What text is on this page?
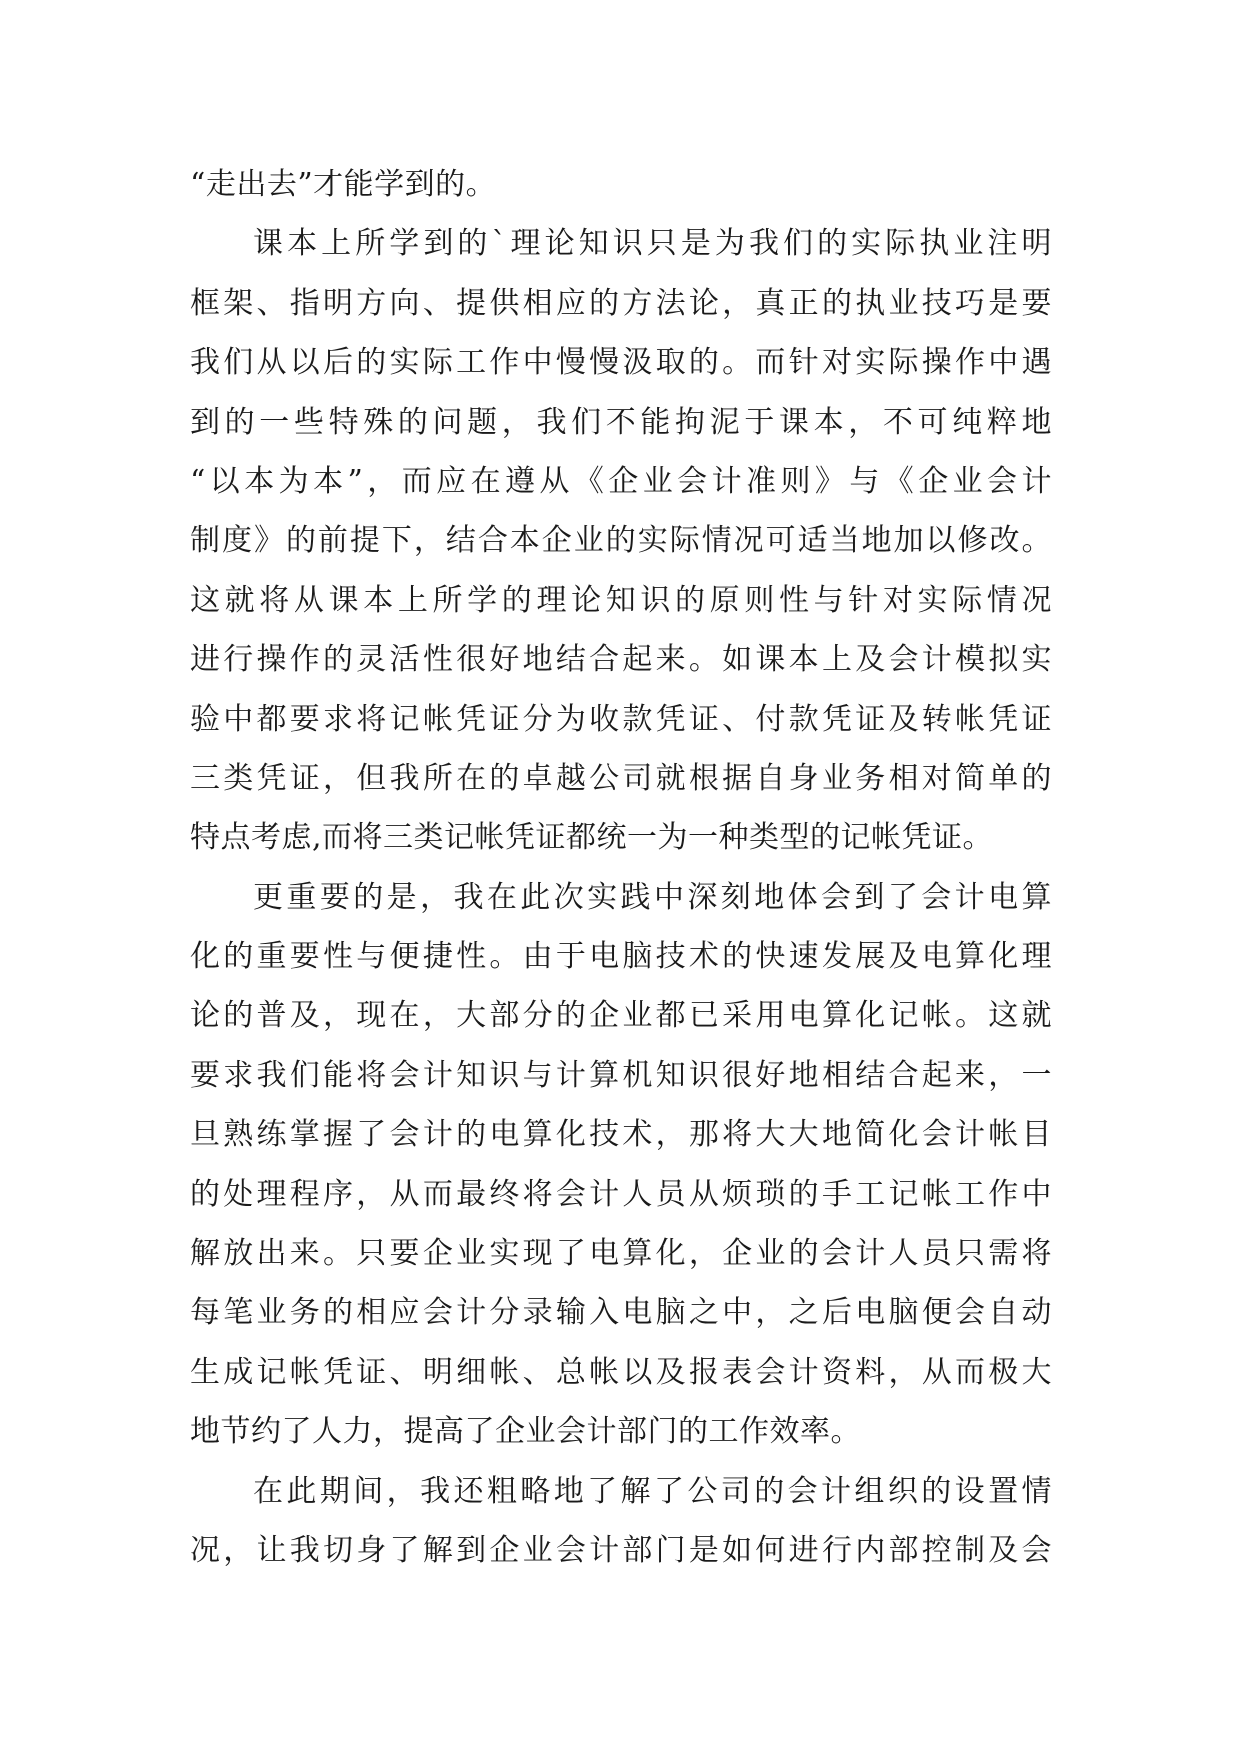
“走出去”才能学到的。
课本上所学到的`理论知识只是为我们的实际执业注明
框架、指明方向、提供相应的方法论，真正的执业技巧是要
我们从以后的实际工作中慢慢汲取的。而针对实际操作中遇
到的一些特殊的问题，我们不能拘泥于课本，不可纯粹地
“以本为本”，而应在遵从《企业会计准则》与《企业会计
制度》的前提下，结合本企业的实际情况可适当地加以修改。
这就将从课本上所学的理论知识的原则性与针对实际情况
进行操作的灵活性很好地结合起来。如课本上及会计模拟实
验中都要求将记帐凭证分为收款凭证、付款凭证及转帐凭证
三类凭证，但我所在的卓越公司就根据自身业务相对简单的
特点考虑,而将三类记帐凭证都统一为一种类型的记帐凭证。
更重要的是，我在此次实践中深刻地体会到了会计电算
化的重要性与便捷性。由于电脑技术的快速发展及电算化理
论的普及，现在，大部分的企业都已采用电算化记帐。这就
要求我们能将会计知识与计算机知识很好地相结合起来，一
旦熟练掌握了会计的电算化技术，那将大大地简化会计帐目
的处理程序，从而最终将会计人员从烦琐的手工记帐工作中
解放出来。只要企业实现了电算化，企业的会计人员只需将
每笔业务的相应会计分录输入电脑之中，之后电脑便会自动
生成记帐凭证、明细帐、总帐以及报表会计资料，从而极大
地节约了人力，提高了企业会计部门的工作效率。
在此期间，我还粗略地了解了公司的会计组织的设置情
况，让我切身了解到企业会计部门是如何进行内部控制及会
